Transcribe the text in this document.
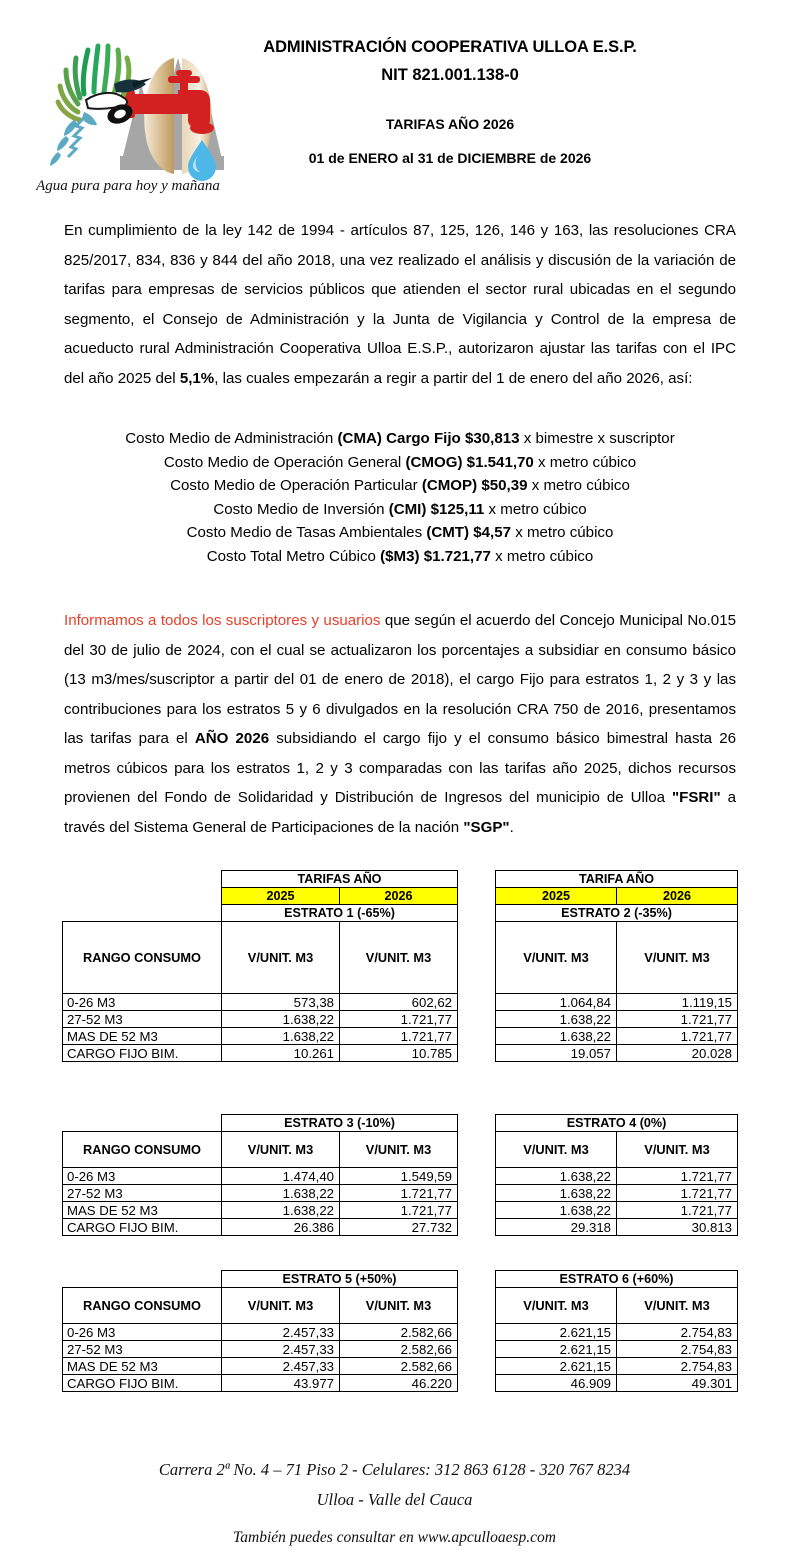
Agua pura para hoy y mañana
ADMINISTRACIÓN COOPERATIVA ULLOA E.S.P.
NIT 821.001.138-0
TARIFAS AÑO 2026
01 de ENERO al 31 de DICIEMBRE de 2026
En cumplimiento de la ley 142 de 1994 - artículos 87, 125, 126, 146 y 163, las resoluciones CRA 825/2017, 834, 836 y 844 del año 2018, una vez realizado el análisis y discusión de la variación de tarifas para empresas de servicios públicos que atienden el sector rural ubicadas en el segundo segmento, el Consejo de Administración y la Junta de Vigilancia y Control de la empresa de acueducto rural Administración Cooperativa Ulloa E.S.P., autorizaron ajustar las tarifas con el IPC del año 2025 del 5,1%, las cuales empezarán a regir a partir del 1 de enero del año 2026, así:
Costo Medio de Administración (CMA) Cargo Fijo $30,813 x bimestre x suscriptor
Costo Medio de Operación General (CMOG) $1.541,70 x metro cúbico
Costo Medio de Operación Particular (CMOP) $50,39 x metro cúbico
Costo Medio de Inversión (CMI) $125,11 x metro cúbico
Costo Medio de Tasas Ambientales (CMT) $4,57 x metro cúbico
Costo Total Metro Cúbico ($M3) $1.721,77 x metro cúbico
Informamos a todos los suscriptores y usuarios que según el acuerdo del Concejo Municipal No.015 del 30 de julio de 2024, con el cual se actualizaron los porcentajes a subsidiar en consumo básico (13 m3/mes/suscriptor a partir del 01 de enero de 2018), el cargo Fijo para estratos 1, 2 y 3 y las contribuciones para los estratos 5 y 6 divulgados en la resolución CRA 750 de 2016, presentamos las tarifas para el AÑO 2026 subsidiando el cargo fijo y el consumo básico bimestral hasta 26 metros cúbicos para los estratos 1, 2 y 3 comparadas con las tarifas año 2025, dichos recursos provienen del Fondo de Solidaridad y Distribución de Ingresos del municipio de Ulloa "FSRI" a través del Sistema General de Participaciones de la nación "SGP".
	TARIFAS AÑO	
	2025	2026
	ESTRATO 1 (-65%)	
RANGO CONSUMO	V/UNIT. M3	V/UNIT. M3
0-26 M3	573,38	602,62
27-52 M3	1.638,22	1.721,77
MAS DE 52 M3	1.638,22	1.721,77
CARGO FIJO BIM.	10.261	10.785
TARIFA AÑO	
2025	2026
ESTRATO 2 (-35%)	
V/UNIT. M3	V/UNIT. M3
1.064,84	1.119,15
1.638,22	1.721,77
1.638,22	1.721,77
19.057	20.028
	ESTRATO 3 (-10%)	
RANGO CONSUMO	V/UNIT. M3	V/UNIT. M3
0-26 M3	1.474,40	1.549,59
27-52 M3	1.638,22	1.721,77
MAS DE 52 M3	1.638,22	1.721,77
CARGO FIJO BIM.	26.386	27.732
ESTRATO 4 (0%)	
V/UNIT. M3	V/UNIT. M3
1.638,22	1.721,77
1.638,22	1.721,77
1.638,22	1.721,77
29.318	30.813
	ESTRATO 5 (+50%)	
RANGO CONSUMO	V/UNIT. M3	V/UNIT. M3
0-26 M3	2.457,33	2.582,66
27-52 M3	2.457,33	2.582,66
MAS DE 52 M3	2.457,33	2.582,66
CARGO FIJO BIM.	43.977	46.220
ESTRATO 6 (+60%)	
V/UNIT. M3	V/UNIT. M3
2.621,15	2.754,83
2.621,15	2.754,83
2.621,15	2.754,83
46.909	49.301
Carrera 2ª No. 4 – 71 Piso 2 - Celulares: 312 863 6128 - 320 767 8234
Ulloa - Valle del Cauca
También puedes consultar en www.apculloaesp.com
